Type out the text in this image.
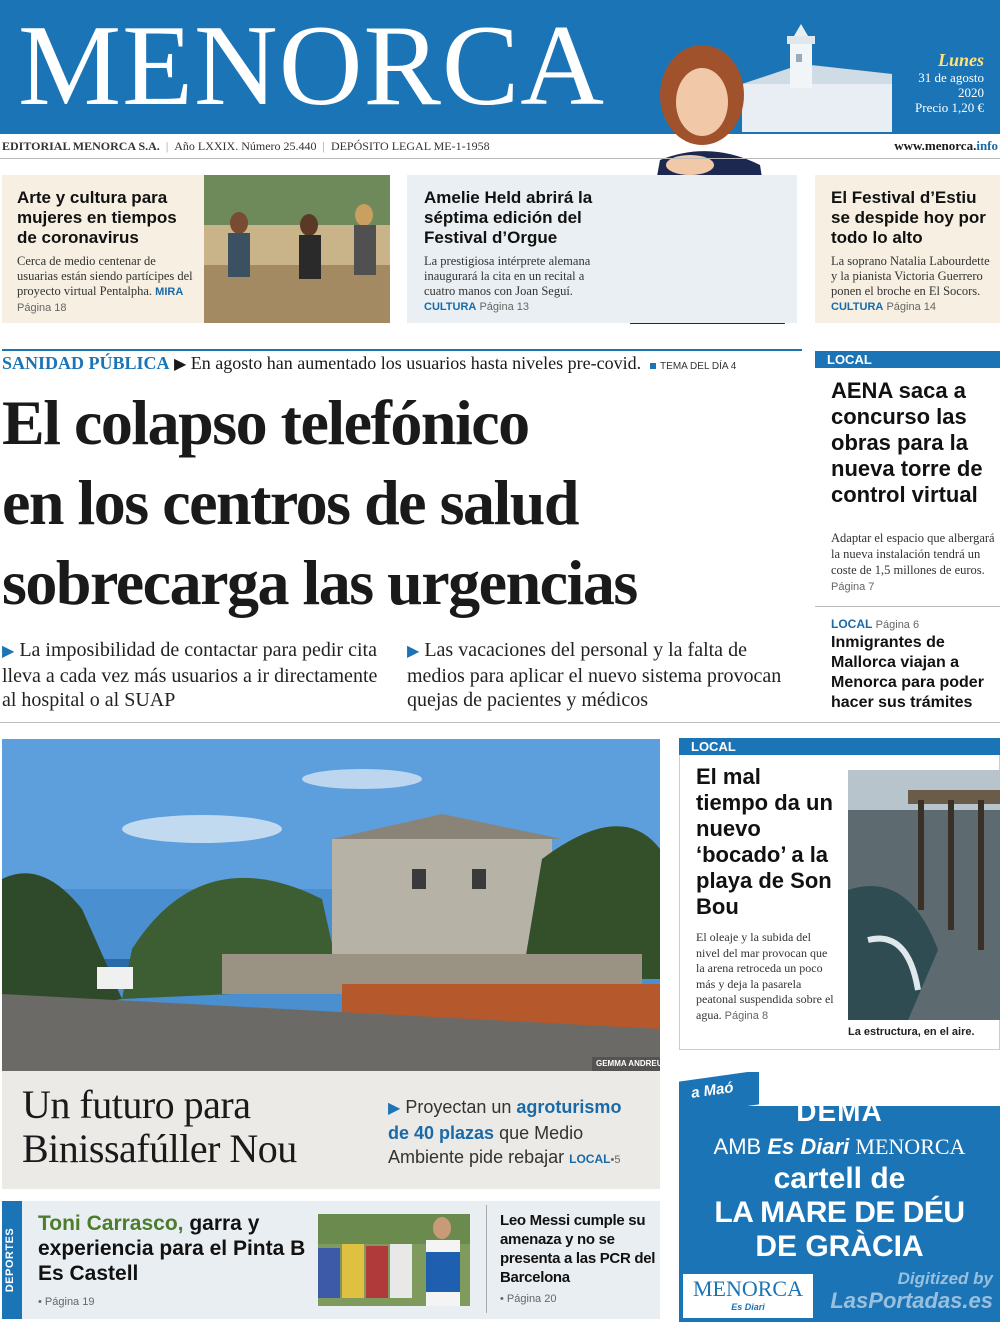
MENORCA	Lunes
31 de agosto
2020
Precio 1,20 €
EDITORIAL MENORCA S.A. | Año LXXIX. Número 25.440 | DEPÓSITO LEGAL ME-1-1958	www.menorca.info
Arte y cultura para mujeres en tiempos de coronavirus

Cerca de medio centenar de usuarias están siendo partícipes del proyecto virtual Pentalpha. MIRA Página 18

Amelie Held abrirá la séptima edición del Festival d’Orgue

La prestigiosa intérprete alemana inaugurará la cita en un recital a cuatro manos con Joan Seguí. CULTURA Página 13

El Festival d’Estiu se despide hoy por todo lo alto

La soprano Natalia Labourdette y la pianista Victoria Guerrero ponen el broche en El Socors. CULTURA Página 14

SANIDAD PÚBLICA ▶ En agosto han aumentado los usuarios hasta niveles pre-covid. TEMA DEL DÍA 4
El colapso telefónico
en los centros de salud
sobrecarga las urgencias
▶ La imposibilidad de contactar para pedir cita lleva a cada vez más usuarios a ir directamente al hospital o al SUAP
▶ Las vacaciones del personal y la falta de medios para aplicar el nuevo sistema provocan quejas de pacientes y médicos
LOCAL
AENA saca a concurso las obras para la nueva torre de control virtual

Adaptar el espacio que albergará la nueva instalación tendrá un coste de 1,5 millones de euros. Página 7

LOCAL Página 6
Inmigrantes de Mallorca viajan a Menorca para poder hacer sus trámites
GEMMA ANDREU
Un futuro para
Binissafúller Nou
▶ Proyectan un agroturismo
de 40 plazas que Medio
Ambiente pide rebajar LOCAL•5
LOCAL
El mal tiempo da un nuevo ‘bocado’ a la playa de Son Bou

El oleaje y la subida del nivel del mar provocan que la arena retroceda un poco más y deja la pasarela peatonal suspendida sobre el agua. Página 8

La estructura, en el aire.
DEPORTES
Toni Carrasco, garra y experiencia para el Pinta B Es Castell
• Página 19
Leo Messi cumple su amenaza y no se presenta a las PCR del Barcelona
• Página 20
a Maó
DEMÀ
AMB Es Diari MENORCA
cartell de
LA MARE DE DÉU
DE GRÀCIA
MENORCA
Es Diari
Digitized by
LasPortadas.es
